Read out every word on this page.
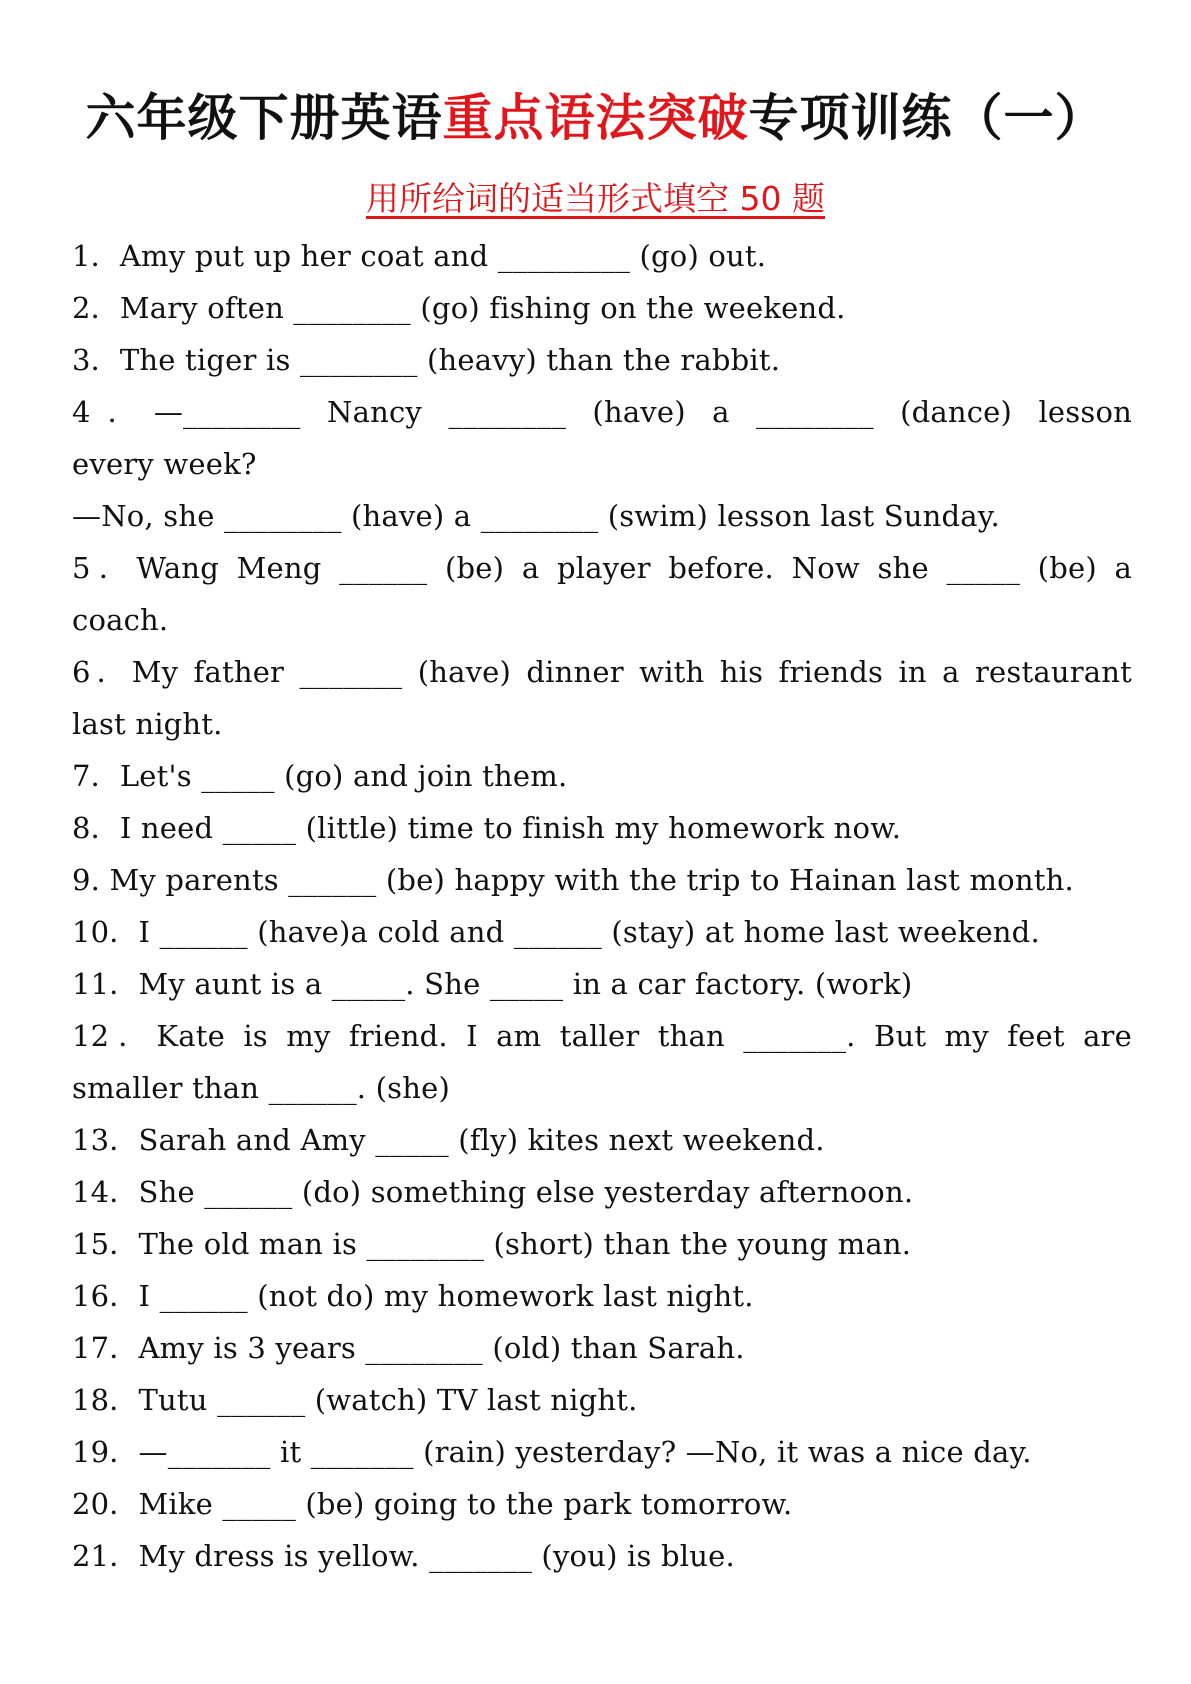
六年级下册英语重点语法突破专项训练（一）
用所给词的适当形式填空 50 题
1．Amy put up her coat and _________ (go) out.
2．Mary often ________ (go) fishing on the weekend.
3．The tiger is ________ (heavy) than the rabbit.
4．—________ Nancy ________ (have) a ________ (dance) lesson
every week?
—No, she ________ (have) a ________ (swim) lesson last Sunday.
5．Wang Meng ______ (be) a player before. Now she _____ (be) a
coach.
6．My father _______ (have) dinner with his friends in a restaurant
last night.
7．Let's _____ (go) and join them.
8．I need _____ (little) time to finish my homework now.
9. My parents ______ (be) happy with the trip to Hainan last month.
10．I ______ (have)a cold and ______ (stay) at home last weekend.
11．My aunt is a _____. She _____ in a car factory. (work)
12．Kate is my friend. I am taller than _______. But my feet are
smaller than ______. (she)
13．Sarah and Amy _____ (fly) kites next weekend.
14．She ______ (do) something else yesterday afternoon.
15．The old man is ________ (short) than the young man.
16．I ______ (not do) my homework last night.
17．Amy is 3 years ________ (old) than Sarah.
18．Tutu ______ (watch) TV last night.
19．—_______ it _______ (rain) yesterday? —No, it was a nice day.
20．Mike _____ (be) going to the park tomorrow.
21．My dress is yellow. _______ (you) is blue.
